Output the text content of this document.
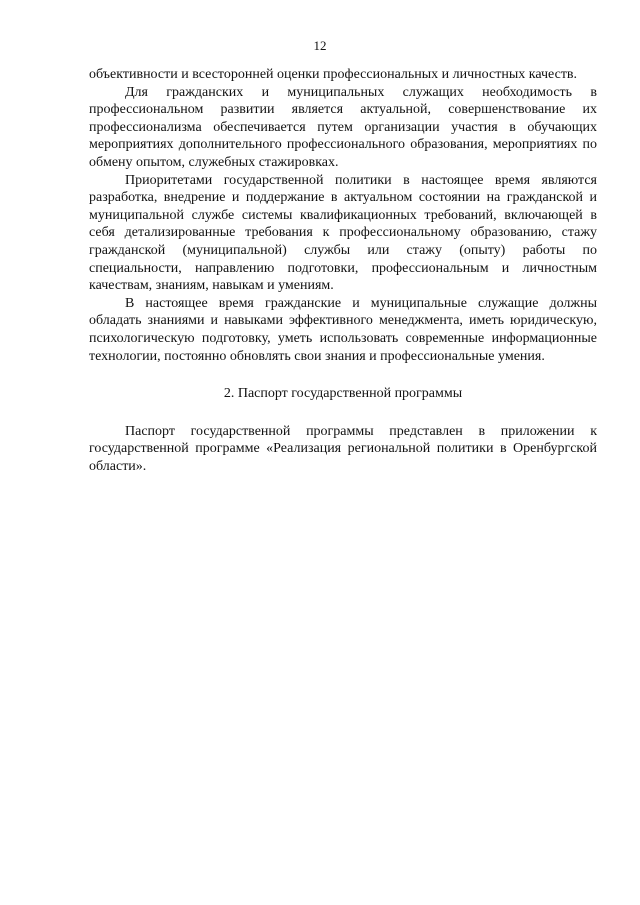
12

объективности и всесторонней оценки профессиональных и личностных качеств.

Для гражданских и муниципальных служащих необходимость в профессиональном развитии является актуальной, совершенствование их профессионализма обеспечивается путем организации участия в обучающих мероприятиях дополнительного профессионального образования, мероприятиях по обмену опытом, служебных стажировках.

Приоритетами государственной политики в настоящее время являются разработка, внедрение и поддержание в актуальном состоянии на гражданской и муниципальной службе системы квалификационных требований, включающей в себя детализированные требования к профессиональному образованию, стажу гражданской (муниципальной) службы или стажу (опыту) работы по специальности, направлению подготовки, профессиональным и личностным качествам, знаниям, навыкам и умениям.

В настоящее время гражданские и муниципальные служащие должны обладать знаниями и навыками эффективного менеджмента, иметь юридическую, психологическую подготовку, уметь использовать современные информационные технологии, постоянно обновлять свои знания и профессиональные умения.

2. Паспорт государственной программы

Паспорт государственной программы представлен в приложении к государственной программе «Реализация региональной политики в Оренбургской области».
